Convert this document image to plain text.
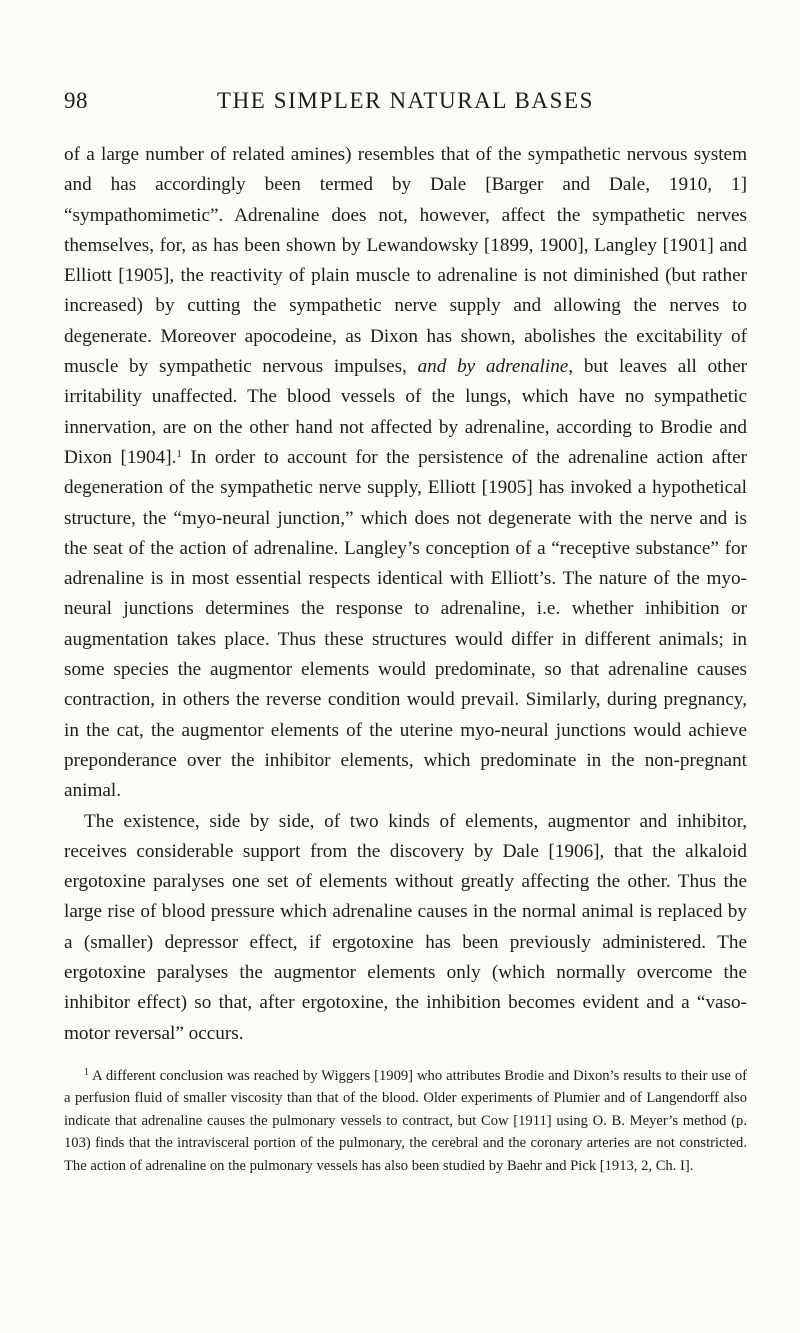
98	THE SIMPLER NATURAL BASES

of a large number of related amines) resembles that of the sympathetic nervous system and has accordingly been termed by Dale [Barger and Dale, 1910, 1] “sympathomimetic”. Adrenaline does not, however, affect the sympathetic nerves themselves, for, as has been shown by Lewandowsky [1899, 1900], Langley [1901] and Elliott [1905], the reactivity of plain muscle to adrenaline is not diminished (but rather increased) by cutting the sympathetic nerve supply and allowing the nerves to degenerate. Moreover apocodeine, as Dixon has shown, abolishes the excitability of muscle by sympathetic nervous impulses, and by adrenaline, but leaves all other irritability unaffected. The blood vessels of the lungs, which have no sympathetic innervation, are on the other hand not affected by adrenaline, according to Brodie and Dixon [1904].$^1$ In order to account for the persistence of the adrenaline action after degeneration of the sympathetic nerve supply, Elliott [1905] has invoked a hypothetical structure, the “myo-neural junction,” which does not degenerate with the nerve and is the seat of the action of adrenaline. Langley’s conception of a “receptive substance” for adrenaline is in most essential respects identical with Elliott’s. The nature of the myo-neural junctions determines the response to adrenaline, i.e. whether inhibition or augmentation takes place. Thus these structures would differ in different animals; in some species the augmentor elements would predominate, so that adrenaline causes contraction, in others the reverse condition would prevail. Similarly, during pregnancy, in the cat, the augmentor elements of the uterine myo-neural junctions would achieve preponderance over the inhibitor elements, which predominate in the non-pregnant animal.

The existence, side by side, of two kinds of elements, augmentor and inhibitor, receives considerable support from the discovery by Dale [1906], that the alkaloid ergotoxine paralyses one set of elements without greatly affecting the other. Thus the large rise of blood pressure which adrenaline causes in the normal animal is replaced by a (smaller) depressor effect, if ergotoxine has been previously administered. The ergotoxine paralyses the augmentor elements only (which normally overcome the inhibitor effect) so that, after ergotoxine, the inhibition becomes evident and a “vaso-motor reversal” occurs.

$^1$ A different conclusion was reached by Wiggers [1909] who attributes Brodie and Dixon’s results to their use of a perfusion fluid of smaller viscosity than that of the blood. Older experiments of Plumier and of Langendorff also indicate that adrenaline causes the pulmonary vessels to contract, but Cow [1911] using O. B. Meyer’s method (p. 103) finds that the intravisceral portion of the pulmonary, the cerebral and the coronary arteries are not constricted. The action of adrenaline on the pulmonary vessels has also been studied by Baehr and Pick [1913, 2, Ch. I].
